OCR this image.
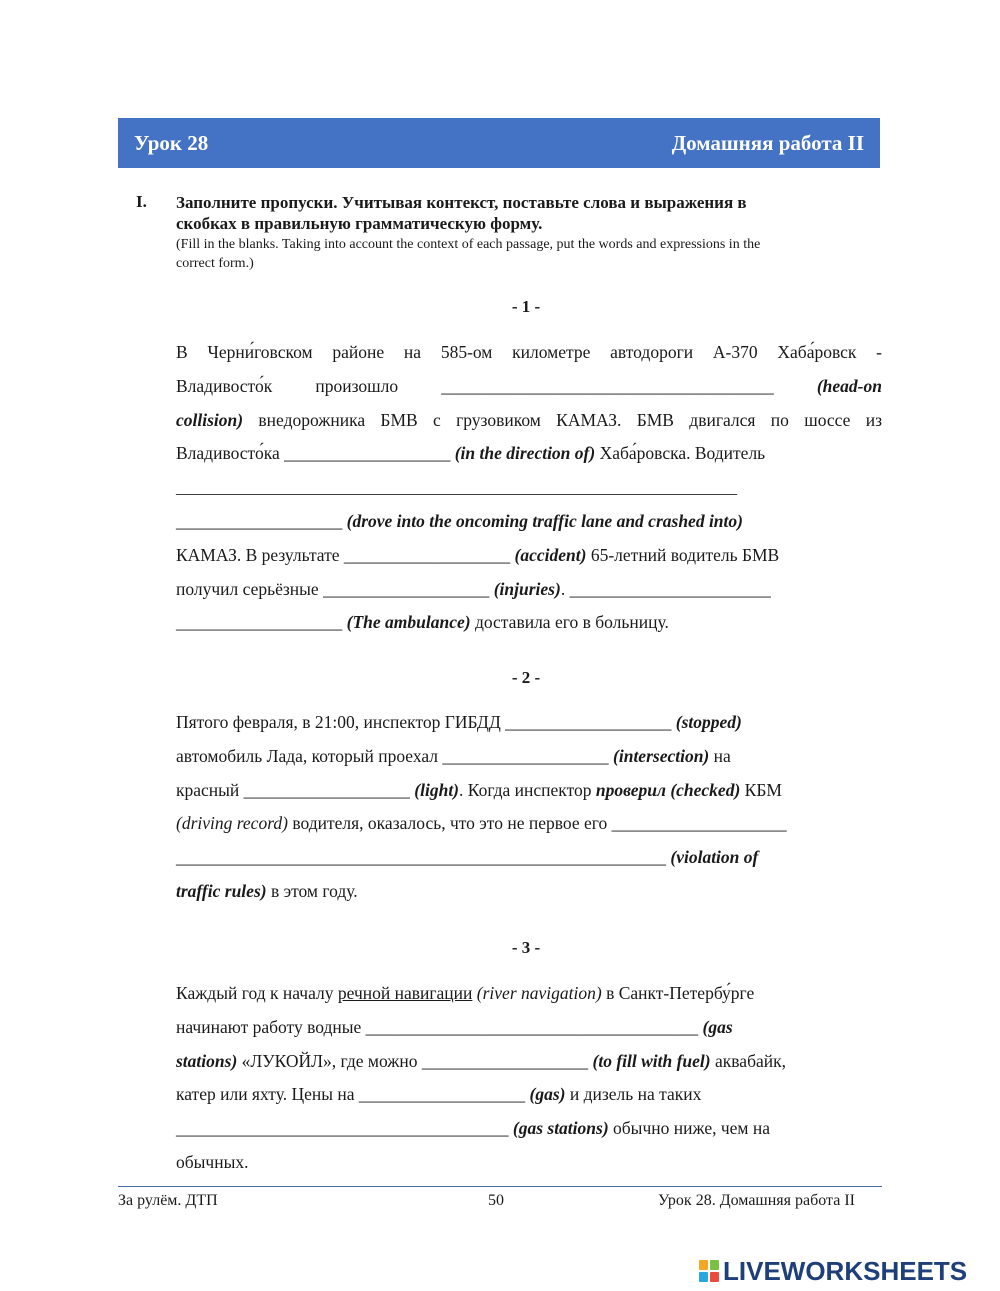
Урок 28	Домашняя работа II
I. Заполните пропуски. Учитывая контекст, поставьте слова и выражения в
скобках в правильную грамматическую форму.
(Fill in the blanks. Taking into account the context of each passage, put the words and expressions in the
correct form.)
- 1 -
В Черни́говском районе на 585-ом километре автодороги А-370 Хаба́ровск -
Владивосто́к произошло ______________________________________ (head-on
collision) внедорожника БМВ с грузовиком КАМАЗ. БМВ двигался по шоссе из
Владивосто́ка ___________________ (in the direction of) Хаба́ровска. Водитель
__________________________________________________________________
___________________ (drove into the oncoming traffic lane and crashed into)
КАМАЗ. В результате ___________________ (accident) 65-летний водитель БМВ
получил серьёзные ___________________ (injuries). _______________________
___________________ (The ambulance) доставила его в больницу.
- 2 -
Пятого февраля, в 21:00, инспектор ГИБДД ___________________ (stopped)
автомобиль Лада, который проехал ___________________ (intersection) на
красный ___________________ (light). Когда инспектор проверил (checked) КБМ
(driving record) водителя, оказалось, что это не первое его ____________________
________________________________________________________ (violation of
traffic rules) в этом году.
- 3 -
Каждый год к началу речной навигации (river navigation) в Санкт-Петербу́рге
начинают работу водные ______________________________________ (gas
stations) «ЛУКОЙЛ», где можно ___________________ (to fill with fuel) аквабайк,
катер или яхту. Цены на ___________________ (gas) и дизель на таких
______________________________________ (gas stations) обычно ниже, чем на
обычных.
За рулём. ДТП	50	Урок 28. Домашняя работа II
LIVEWORKSHEETS
